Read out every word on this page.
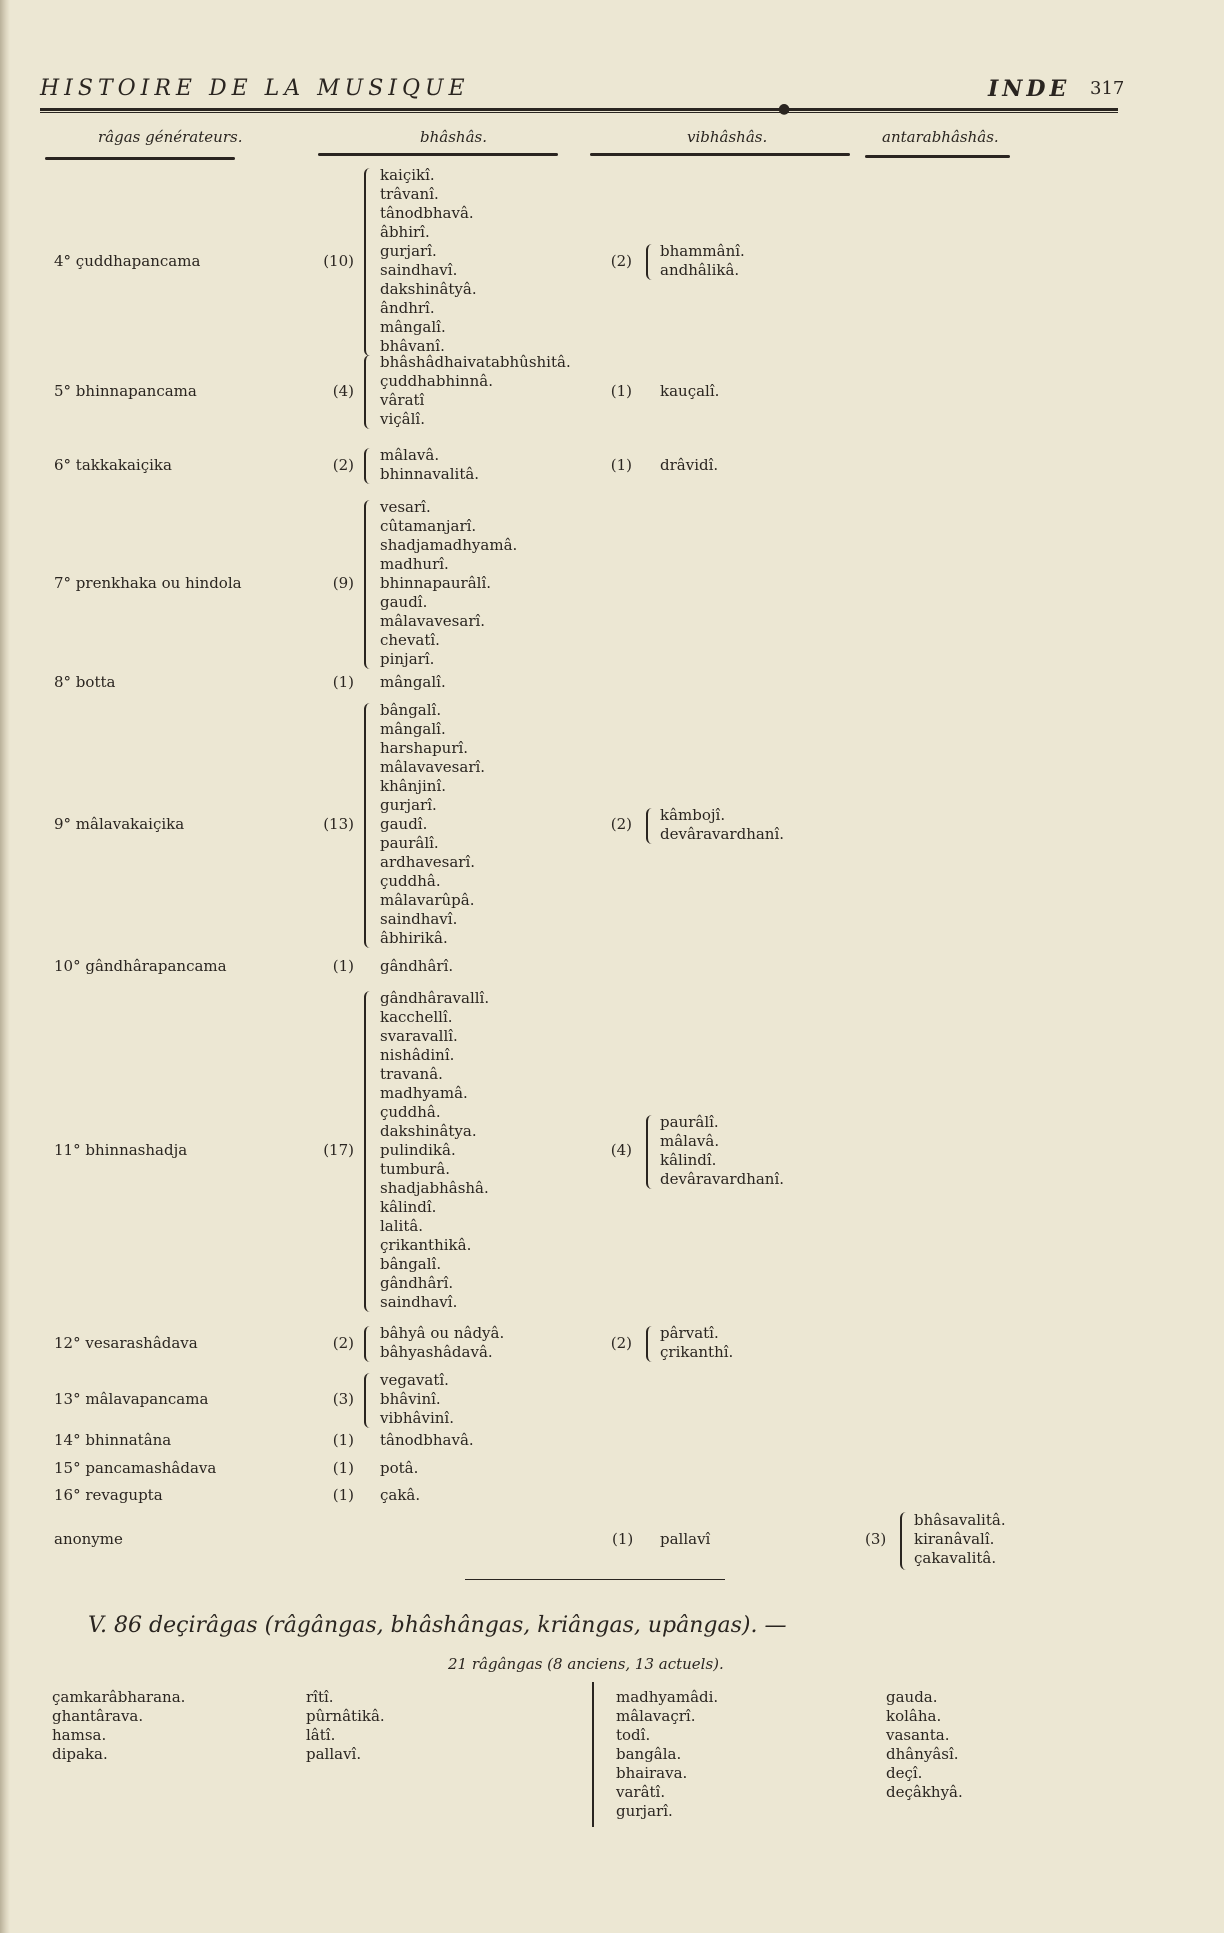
HISTOIRE DE LA MUSIQUE	INDE 317
●
râgas générateurs.	bhâshâs.	vibhâshâs.	antarabhâshâs.
V. 86 deçirâgas (râgângas, bhâshângas, kriângas, upângas). —
21 râgângas (8 anciens, 13 actuels).
4° çuddhapancama	(10)
kaiçikî.
trâvanî.
tânodbhavâ.
âbhirî.
gurjarî.
saindhavî.
dakshinâtyâ.
ândhrî.
mângalî.
bhâvanî.
(2)
bhammânî.
andhâlikâ.
5° bhinnapancama	(4)
bhâshâdhaivatabhûshitâ.
çuddhabhinnâ.
vâratî
viçâlî.
(1) kauçalî.
6° takkakaiçika	(2)
mâlavâ.
bhinnavalitâ.
(1) drâvidî.
7° prenkhaka ou hindola	(9)
vesarî.
cûtamanjarî.
shadjamadhyamâ.
madhurî.
bhinnapaurâlî.
gaudî.
mâlavavesarî.
chevatî.
pinjarî.
8° botta	(1) mângalî.
9° mâlavakaiçika	(13)
bângalî.
mângalî.
harshapurî.
mâlavavesarî.
khânjinî.
gurjarî.
gaudî.
paurâlî.
ardhavesarî.
çuddhâ.
mâlavarûpâ.
saindhavî.
âbhirikâ.
(2)
kâmbojî.
devâravardhanî.
10° gândhârapancama	(1) gândhârî.
11° bhinnashadja	(17)
gândhâravallî.
kacchellî.
svaravallî.
nishâdinî.
travanâ.
madhyamâ.
çuddhâ.
dakshinâtya.
pulindikâ.
tumburâ.
shadjabhâshâ.
kâlindî.
lalitâ.
çrikanthikâ.
bângalî.
gândhârî.
saindhavî.
(4)
paurâlî.
mâlavâ.
kâlindî.
devâravardhanî.
12° vesarashâdava	(2)
bâhyâ ou nâdyâ.
bâhyashâdavâ.
(2)
pârvatî.
çrikanthî.
13° mâlavapancama	(3)
vegavatî.
bhâvinî.
vibhâvinî.
14° bhinnatâna	(1) tânodbhavâ.
15° pancamashâdava	(1) potâ.
16° revagupta	(1) çakâ.
anonyme	(1) pallavî	(3)
bhâsavalitâ.
kiranâvalî.
çakavalitâ.
çamkarâbharana.
ghantârava.
hamsa.
dipaka.
rîtî.
pûrnâtikâ.
lâtî.
pallavî.
madhyamâdi.
mâlavaçrî.
todî.
bangâla.
bhairava.
varâtî.
gurjarî.
gauda.
kolâha.
vasanta.
dhânyâsî.
deçî.
deçâkhyâ.
